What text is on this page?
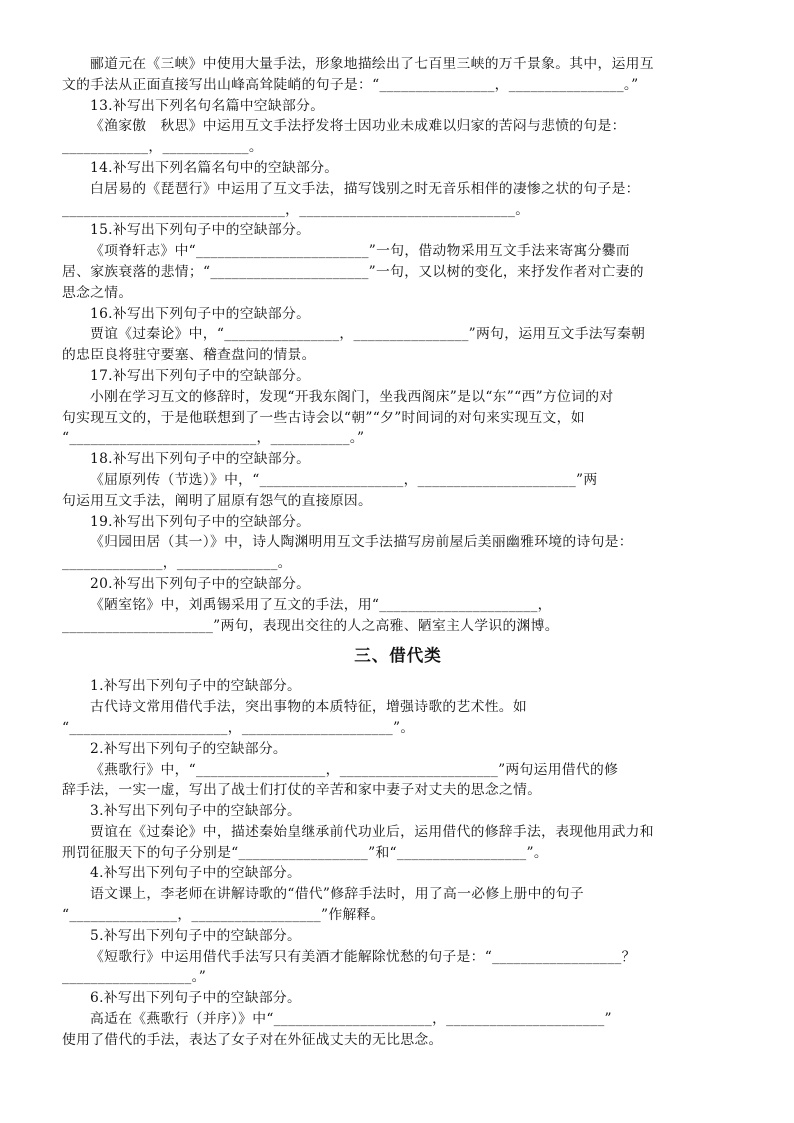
郦道元在《三峡》中使用大量手法，形象地描绘出了七百里三峡的万千景象。其中，运用互
文的手法从正面直接写出山峰高耸陡峭的句子是：“________________，________________。”
13.补写出下列名句名篇中空缺部分。
《渔家傲　秋思》中运用互文手法抒发将士因功业未成难以归家的苦闷与悲愤的句是：
____________，____________。
14.补写出下列名篇名句中的空缺部分。
白居易的《琵琶行》中运用了互文手法，描写饯别之时无音乐相伴的凄惨之状的句子是：
_______________________________，______________________________。
15.补写出下列句子中的空缺部分。
《项脊轩志》中“________________________”一句，借动物采用互文手法来寄寓分爨而
居、家族衰落的悲情；“______________________”一句，又以树的变化，来抒发作者对亡妻的
思念之情。
16.补写出下列句子中的空缺部分。
贾谊《过秦论》中，“________________，________________”两句，运用互文手法写秦朝
的忠臣良将驻守要塞、稽查盘问的情景。
17.补写出下列句子中的空缺部分。
小刚在学习互文的修辞时，发现“开我东阁门，坐我西阁床”是以“东”“西”方位词的对
句实现互文的，于是他联想到了一些古诗会以“朝”“夕”时间词的对句来实现互文，如
“__________________________，___________。”
18.补写出下列句子中的空缺部分。
《屈原列传（节选）》中，“____________________，______________________”两
句运用互文手法，阐明了屈原有怨气的直接原因。
19.补写出下列句子中的空缺部分。
《归园田居（其一）》中，诗人陶渊明用互文手法描写房前屋后美丽幽雅环境的诗句是：
______________，______________。
20.补写出下列句子中的空缺部分。
《陋室铭》中，刘禹锡采用了互文的手法，用“______________________，
_____________________”两句，表现出交往的人之高雅、陋室主人学识的渊博。
三、借代类
1.补写出下列句子中的空缺部分。
古代诗文常用借代手法，突出事物的本质特征，增强诗歌的艺术性。如
“______________________，_____________________”。
2.补写出下列句子的空缺部分。
《燕歌行》中，“__________________，______________________”两句运用借代的修
辞手法，一实一虚，写出了战士们打仗的辛苦和家中妻子对丈夫的思念之情。
3.补写出下列句子中的空缺部分。
贾谊在《过秦论》中，描述秦始皇继承前代功业后，运用借代的修辞手法，表现他用武力和
刑罚征服天下的句子分别是“__________________”和“__________________”。
4.补写出下列句子中的空缺部分。
语文课上，李老师在讲解诗歌的“借代”修辞手法时，用了高一必修上册中的句子
“_______________，__________________”作解释。
5.补写出下列句子中的空缺部分。
《短歌行》中运用借代手法写只有美酒才能解除忧愁的句子是：“__________________？
__________________。”
6.补写出下列句子中的空缺部分。
高适在《燕歌行（并序）》中“______________________，______________________”
使用了借代的手法，表达了女子对在外征战丈夫的无比思念。
